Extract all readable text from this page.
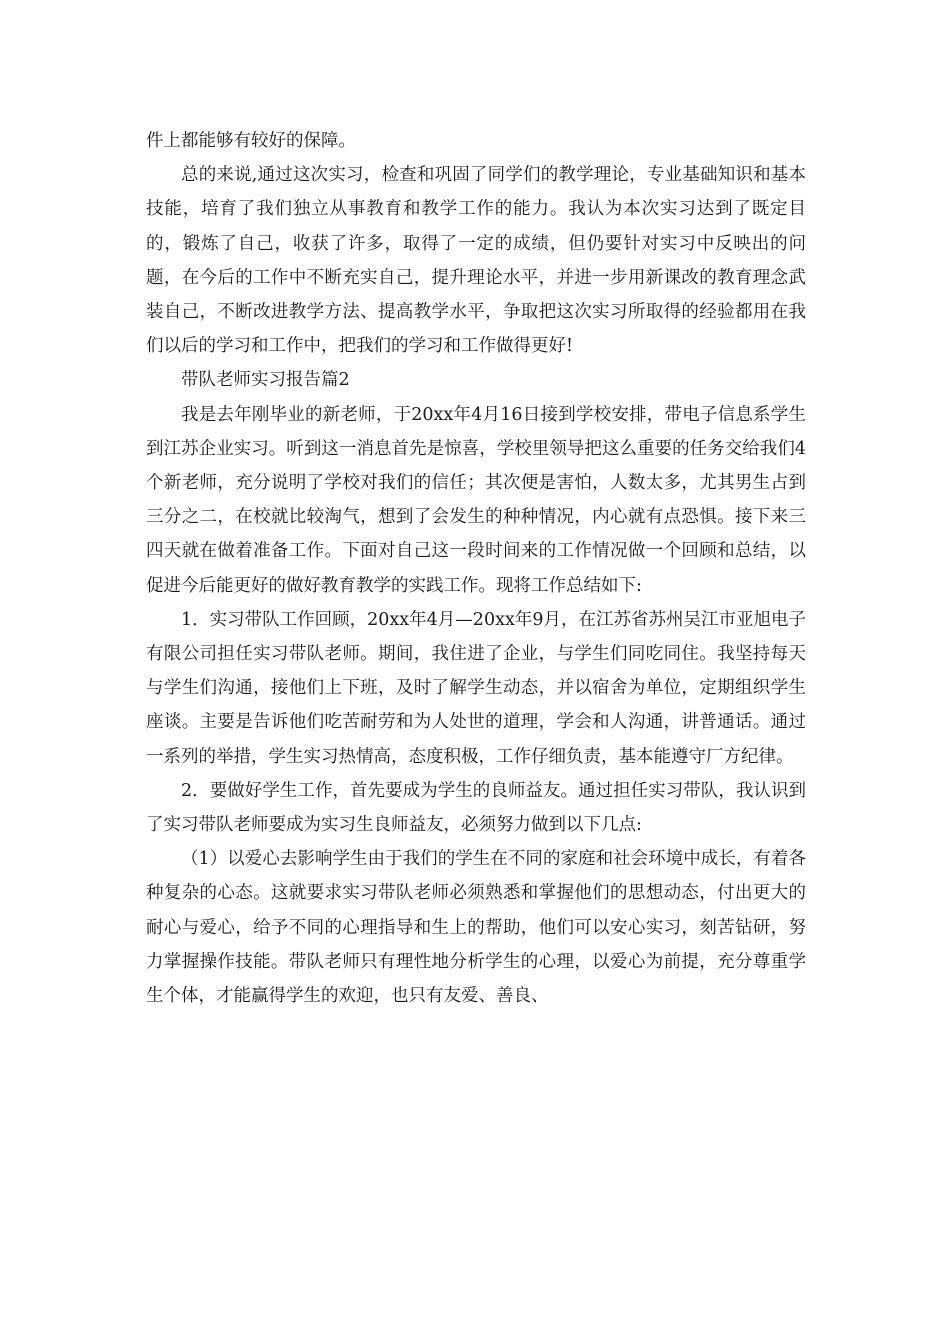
件上都能够有较好的保障。

总的来说,通过这次实习，检查和巩固了同学们的教学理论，专业基础知识和基本技能，培育了我们独立从事教育和教学工作的能力。我认为本次实习达到了既定目的，锻炼了自己，收获了许多，取得了一定的成绩，但仍要针对实习中反映出的问题，在今后的工作中不断充实自己，提升理论水平，并进一步用新课改的教育理念武装自己，不断改进教学方法、提高教学水平，争取把这次实习所取得的经验都用在我们以后的学习和工作中，把我们的学习和工作做得更好!

带队老师实习报告篇2

我是去年刚毕业的新老师，于20xx年4月16日接到学校安排，带电子信息系学生到江苏企业实习。听到这一消息首先是惊喜，学校里领导把这么重要的任务交给我们4个新老师，充分说明了学校对我们的信任；其次便是害怕，人数太多，尤其男生占到三分之二，在校就比较淘气，想到了会发生的种种情况，内心就有点恐惧。接下来三四天就在做着准备工作。下面对自己这一段时间来的工作情况做一个回顾和总结，以促进今后能更好的做好教育教学的实践工作。现将工作总结如下:

1．实习带队工作回顾，20xx年4月—20xx年9月，在江苏省苏州吴江市亚旭电子有限公司担任实习带队老师。期间，我住进了企业，与学生们同吃同住。我坚持每天与学生们沟通，接他们上下班，及时了解学生动态，并以宿舍为单位，定期组织学生座谈。主要是告诉他们吃苦耐劳和为人处世的道理，学会和人沟通，讲普通话。通过一系列的举措，学生实习热情高，态度积极，工作仔细负责，基本能遵守厂方纪律。

2．要做好学生工作，首先要成为学生的良师益友。通过担任实习带队，我认识到了实习带队老师要成为实习生良师益友，必须努力做到以下几点:

（1）以爱心去影响学生由于我们的学生在不同的家庭和社会环境中成长，有着各种复杂的心态。这就要求实习带队老师必须熟悉和掌握他们的思想动态，付出更大的耐心与爱心，给予不同的心理指导和生上的帮助，他们可以安心实习，刻苦钻研，努力掌握操作技能。带队老师只有理性地分析学生的心理，以爱心为前提，充分尊重学生个体，才能赢得学生的欢迎，也只有友爱、善良、
